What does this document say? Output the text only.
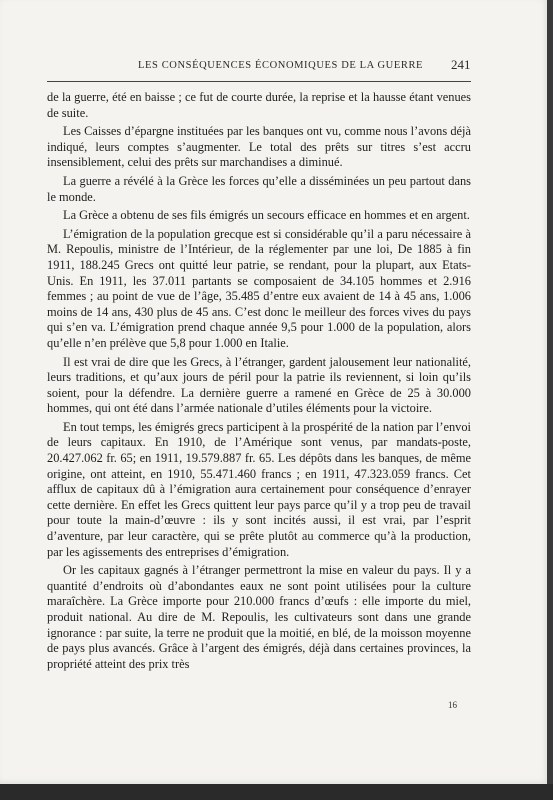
LES CONSÉQUENCES ÉCONOMIQUES DE LA GUERRE 241

de la guerre, été en baisse ; ce fut de courte durée, la reprise et la hausse étant venues de suite.

Les Caisses d’épargne instituées par les banques ont vu, comme nous l’avons déjà indiqué, leurs comptes s’augmenter. Le total des prêts sur titres s’est accru insensiblement, celui des prêts sur marchandises a diminué.

La guerre a révélé à la Grèce les forces qu’elle a disséminées un peu partout dans le monde.

La Grèce a obtenu de ses fils émigrés un secours efficace en hommes et en argent.

L’émigration de la population grecque est si considérable qu’il a paru nécessaire à M. Repoulis, ministre de l’Intérieur, de la réglementer par une loi, De 1885 à fin 1911, 188.245 Grecs ont quitté leur patrie, se rendant, pour la plupart, aux Etats-Unis. En 1911, les 37.011 partants se composaient de 34.105 hommes et 2.916 femmes ; au point de vue de l’âge, 35.485 d’entre eux avaient de 14 à 45 ans, 1.006 moins de 14 ans, 430 plus de 45 ans. C’est donc le meilleur des forces vives du pays qui s’en va. L’émigration prend chaque année 9,5 pour 1.000 de la population, alors qu’elle n’en prélève que 5,8 pour 1.000 en Italie.

Il est vrai de dire que les Grecs, à l’étranger, gardent jalousement leur nationalité, leurs traditions, et qu’aux jours de péril pour la patrie ils reviennent, si loin qu’ils soient, pour la défendre. La dernière guerre a ramené en Grèce de 25 à 30.000 hommes, qui ont été dans l’armée nationale d’utiles éléments pour la victoire.

En tout temps, les émigrés grecs participent à la prospérité de la nation par l’envoi de leurs capitaux. En 1910, de l’Amérique sont venus, par mandats-poste, 20.427.062 fr. 65; en 1911, 19.579.887 fr. 65. Les dépôts dans les banques, de même origine, ont atteint, en 1910, 55.471.460 francs ; en 1911, 47.323.059 francs. Cet afflux de capitaux dû à l’émigration aura certainement pour conséquence d’enrayer cette dernière. En effet les Grecs quittent leur pays parce qu’il y a trop peu de travail pour toute la main-d’œuvre : ils y sont incités aussi, il est vrai, par l’esprit d’aventure, par leur caractère, qui se prête plutôt au commerce qu’à la production, par les agissements des entreprises d’émigration.

Or les capitaux gagnés à l’étranger permettront la mise en valeur du pays. Il y a quantité d’endroits où d’abondantes eaux ne sont point utilisées pour la culture maraîchère. La Grèce importe pour 210.000 francs d’œufs : elle importe du miel, produit national. Au dire de M. Repoulis, les cultivateurs sont dans une grande ignorance : par suite, la terre ne produit que la moitié, en blé, de la moisson moyenne de pays plus avancés. Grâce à l’argent des émigrés, déjà dans certaines provinces, la propriété atteint des prix très

16
